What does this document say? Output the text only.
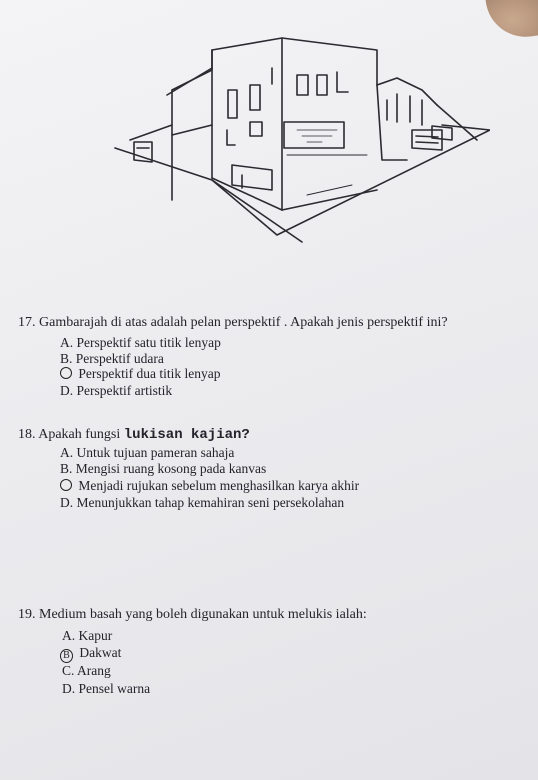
17. Gambarajah di atas adalah pelan perspektif . Apakah jenis perspektif ini?
A. Perspektif satu titik lenyap
B. Perspektif udara
Perspektif dua titik lenyap
D. Perspektif artistik
18. Apakah fungsi lukisan kajian?
A. Untuk tujuan pameran sahaja
B. Mengisi ruang kosong pada kanvas
Menjadi rujukan sebelum menghasilkan karya akhir
D. Menunjukkan tahap kemahiran seni persekolahan
19. Medium basah yang boleh digunakan untuk melukis ialah:
A. Kapur
B Dakwat
C. Arang
D. Pensel warna
